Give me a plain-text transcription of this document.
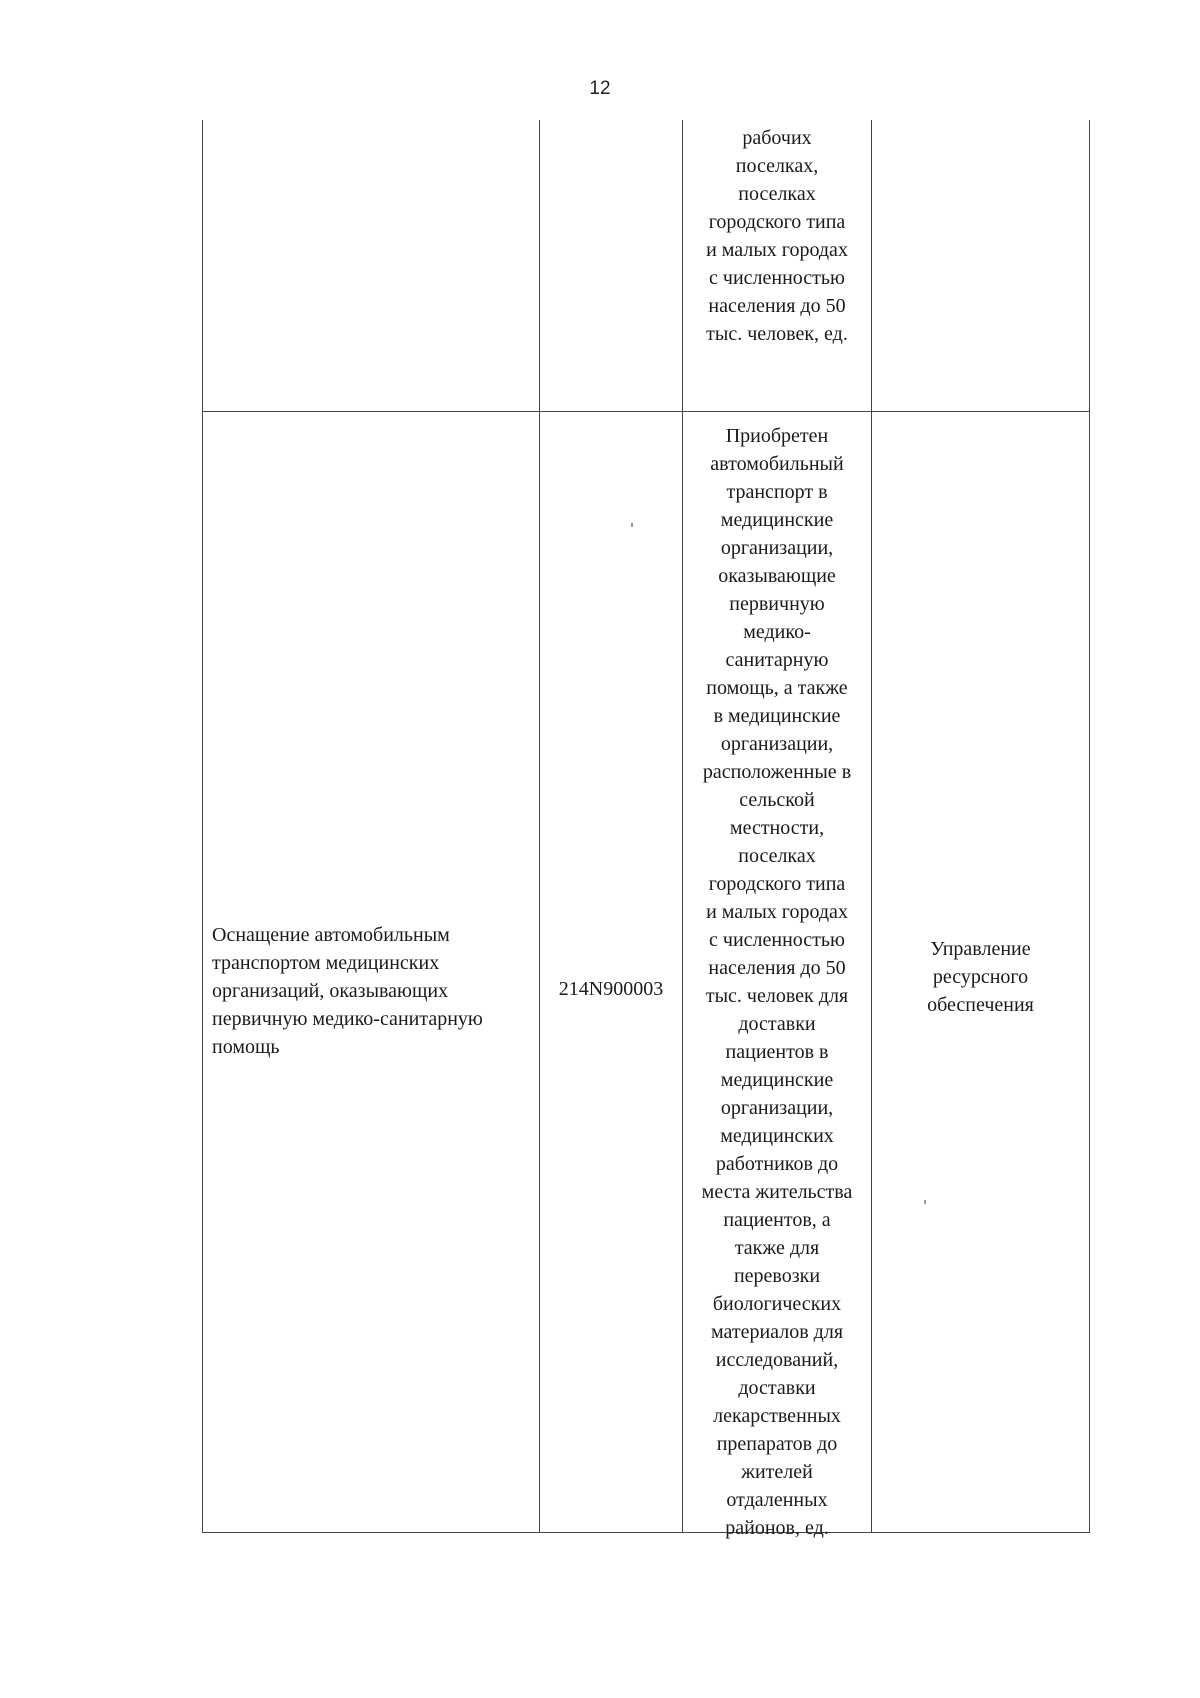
12
рабочих
поселках,
поселках
городского типа
и малых городах
с численностью
населения до 50
тыс. человек, ед.
Оснащение автомобильным
транспортом медицинских
организаций, оказывающих
первичную медико-санитарную
помощь
214N900003
Приобретен
автомобильный
транспорт в
медицинские
организации,
оказывающие
первичную
медико-
санитарную
помощь, а также
в медицинские
организации,
расположенные в
сельской
местности,
поселках
городского типа
и малых городах
с численностью
населения до 50
тыс. человек для
доставки
пациентов в
медицинские
организации,
медицинских
работников до
места жительства
пациентов, а
также для
перевозки
биологических
материалов для
исследований,
доставки
лекарственных
препаратов до
жителей
отдаленных
районов, ед.
Управление
ресурсного
обеспечения
